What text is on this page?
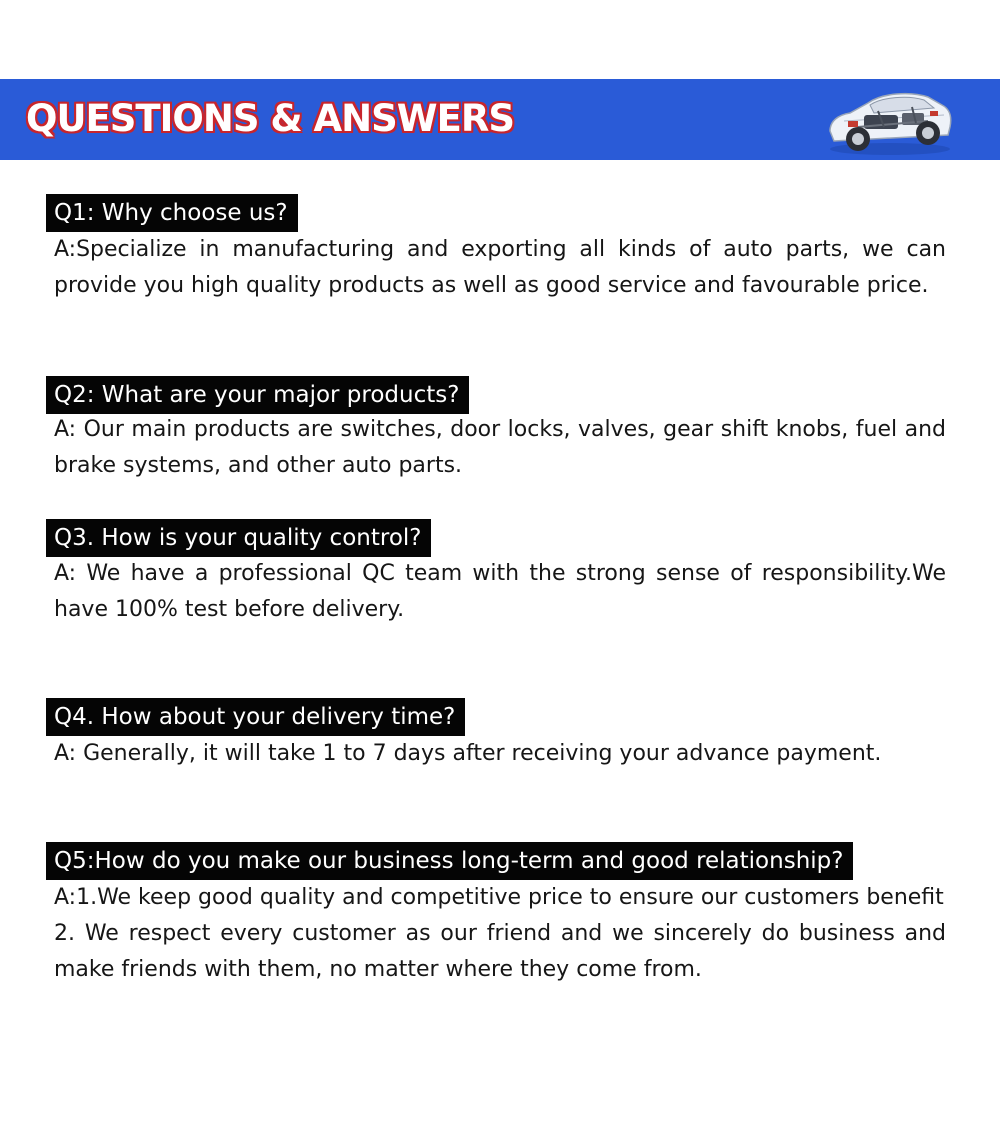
QUESTIONS & ANSWERS
Q1: Why choose us?

A:Specialize in manufacturing and exporting all kinds of auto parts, we can provide you high quality products as well as good service and favourable price.

Q2: What are your major products?

A: Our main products are switches, door locks, valves, gear shift knobs, fuel and brake systems, and other auto parts.

Q3. How is your quality control?

A: We have a professional QC team with the strong sense of responsibility.We have 100% test before delivery.

Q4. How about your delivery time?

A: Generally, it will take 1 to 7 days after receiving your advance payment.

Q5:How do you make our business long-term and good relationship?

A:1.We keep good quality and competitive price to ensure our customers benefit

2. We respect every customer as our friend and we sincerely do business and make friends with them, no matter where they come from.
